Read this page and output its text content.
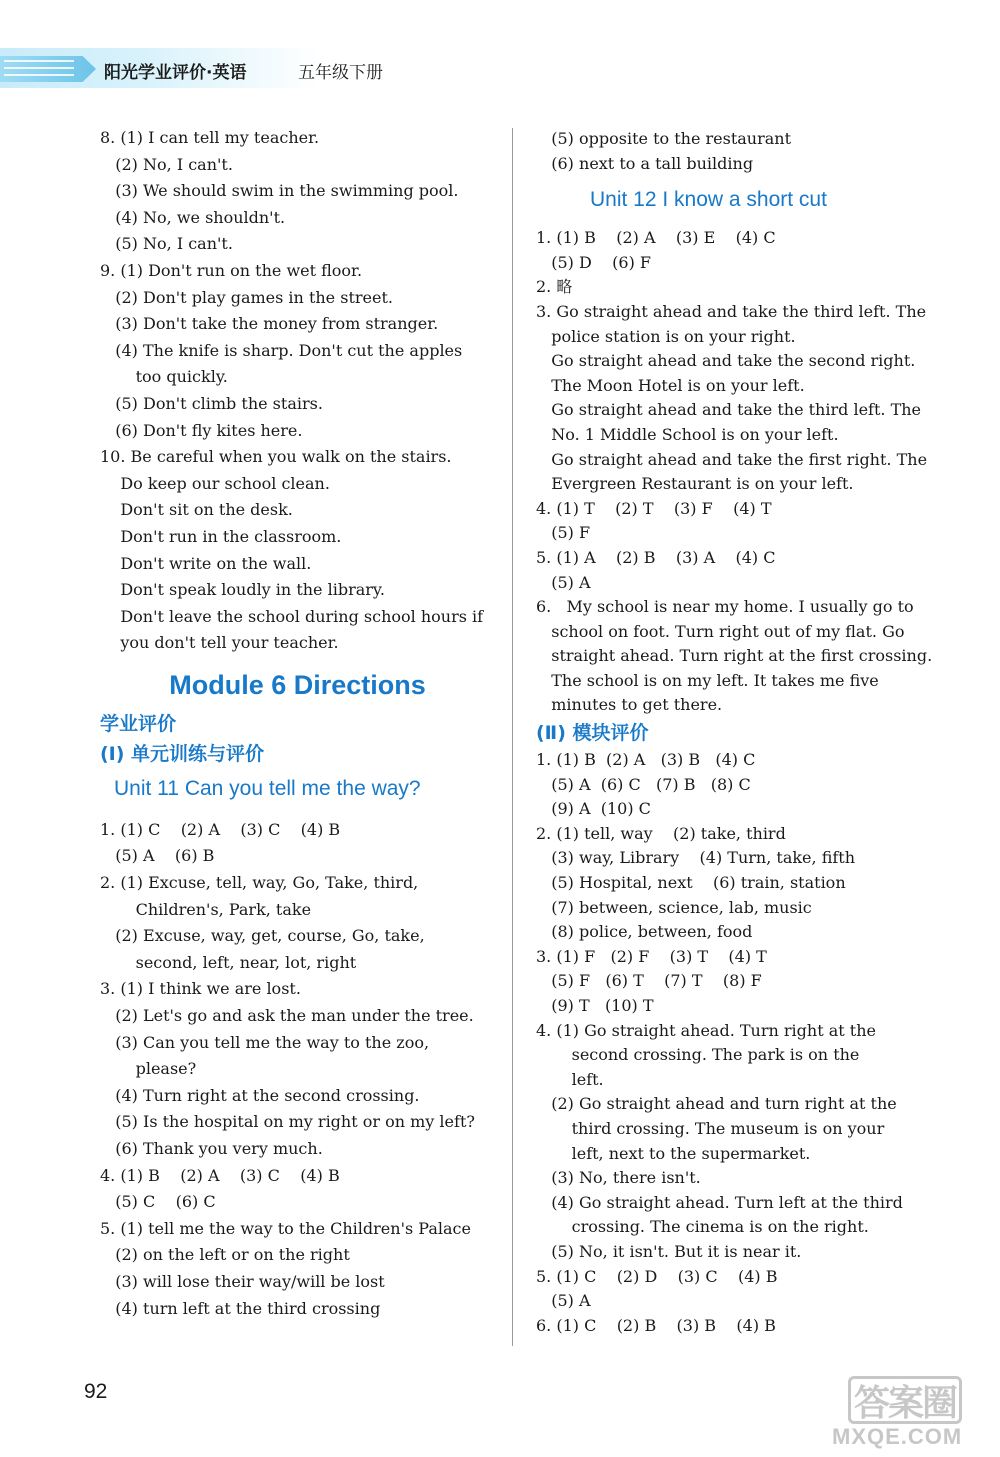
阳光学业评价·英语	五年级下册
8. (1) I can tell my teacher.
(2) No, I can't.
(3) We should swim in the swimming pool.
(4) No, we shouldn't.
(5) No, I can't.
9. (1) Don't run on the wet floor.
(2) Don't play games in the street.
(3) Don't take the money from stranger.
(4) The knife is sharp. Don't cut the apples
too quickly.
(5) Don't climb the stairs.
(6) Don't fly kites here.
10. Be careful when you walk on the stairs.
Do keep our school clean.
Don't sit on the desk.
Don't run in the classroom.
Don't write on the wall.
Don't speak loudly in the library.
Don't leave the school during school hours if
you don't tell your teacher.
Module 6 Directions
学业评价
(Ⅰ) 单元训练与评价
Unit 11 Can you tell me the way?
1. (1) C    (2) A    (3) C    (4) B
(5) A    (6) B
2. (1) Excuse, tell, way, Go, Take, third,
Children's, Park, take
(2) Excuse, way, get, course, Go, take,
second, left, near, lot, right
3. (1) I think we are lost.
(2) Let's go and ask the man under the tree.
(3) Can you tell me the way to the zoo,
please?
(4) Turn right at the second crossing.
(5) Is the hospital on my right or on my left?
(6) Thank you very much.
4. (1) B    (2) A    (3) C    (4) B
(5) C    (6) C
5. (1) tell me the way to the Children's Palace
(2) on the left or on the right
(3) will lose their way/will be lost
(4) turn left at the third crossing
(5) opposite to the restaurant
(6) next to a tall building
Unit 12 I know a short cut
1. (1) B    (2) A    (3) E    (4) C
(5) D    (6) F
2. 略
3. Go straight ahead and take the third left. The
police station is on your right.
Go straight ahead and take the second right.
The Moon Hotel is on your left.
Go straight ahead and take the third left. The
No. 1 Middle School is on your left.
Go straight ahead and take the first right. The
Evergreen Restaurant is on your left.
4. (1) T    (2) T    (3) F    (4) T
(5) F
5. (1) A    (2) B    (3) A    (4) C
(5) A
6.   My school is near my home. I usually go to
school on foot. Turn right out of my flat. Go
straight ahead. Turn right at the first crossing.
The school is on my left. It takes me five
minutes to get there.
(Ⅱ) 模块评价
1. (1) B  (2) A   (3) B   (4) C
(5) A  (6) C   (7) B   (8) C
(9) A  (10) C
2. (1) tell, way    (2) take, third
(3) way, Library    (4) Turn, take, fifth
(5) Hospital, next    (6) train, station
(7) between, science, lab, music
(8) police, between, food
3. (1) F   (2) F    (3) T    (4) T
(5) F   (6) T    (7) T    (8) F
(9) T   (10) T
4. (1) Go straight ahead. Turn right at the
second crossing. The park is on the
left.
(2) Go straight ahead and turn right at the
third crossing. The museum is on your
left, next to the supermarket.
(3) No, there isn't.
(4) Go straight ahead. Turn left at the third
crossing. The cinema is on the right.
(5) No, it isn't. But it is near it.
5. (1) C    (2) D    (3) C    (4) B
(5) A
6. (1) C    (2) B    (3) B    (4) B
92	答案圈
MXQE.COM
